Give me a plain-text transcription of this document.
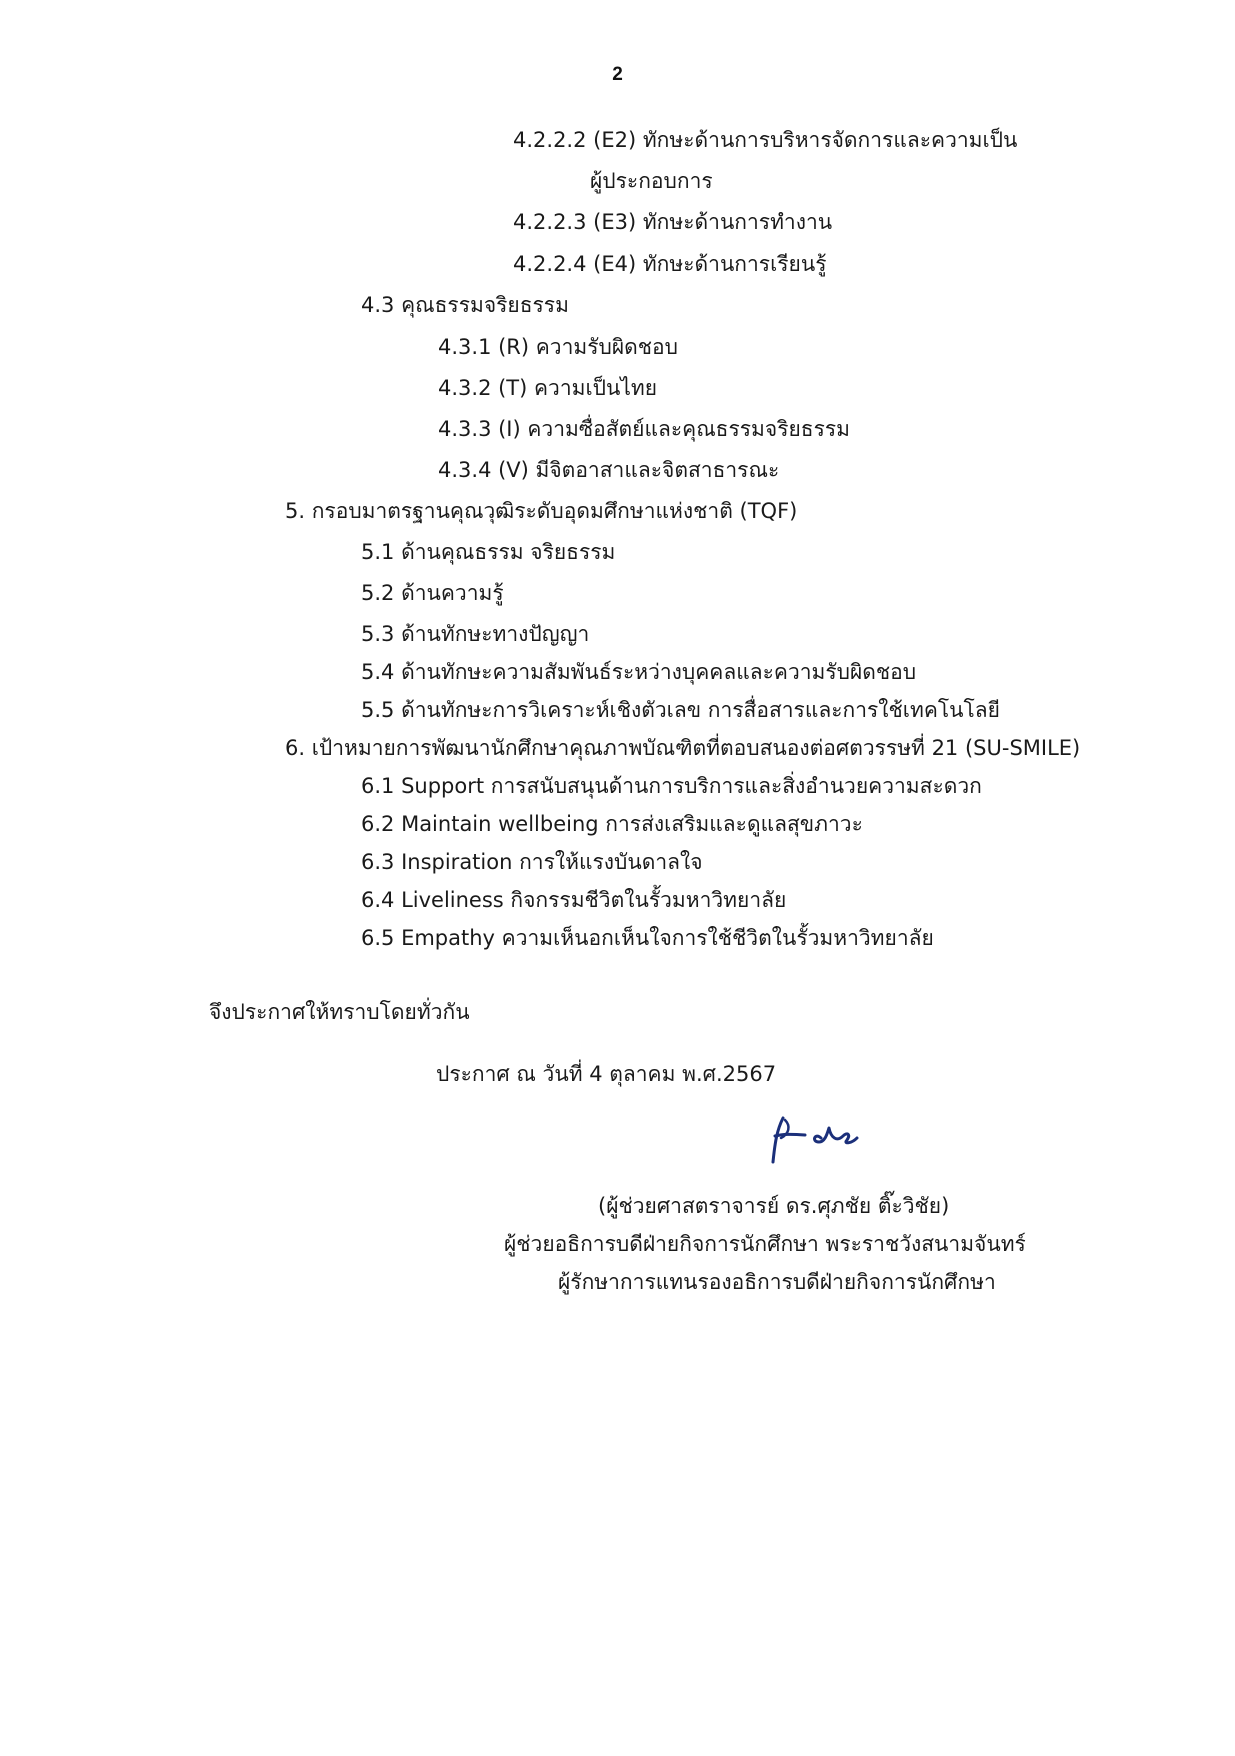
2
4.2.2.2 (E2) ทักษะด้านการบริหารจัดการและความเป็น
ผู้ประกอบการ
4.2.2.3 (E3) ทักษะด้านการทำงาน
4.2.2.4 (E4) ทักษะด้านการเรียนรู้
4.3 คุณธรรมจริยธรรม
4.3.1 (R) ความรับผิดชอบ
4.3.2 (T) ความเป็นไทย
4.3.3 (I) ความซื่อสัตย์และคุณธรรมจริยธรรม
4.3.4 (V) มีจิตอาสาและจิตสาธารณะ
5. กรอบมาตรฐานคุณวุฒิระดับอุดมศึกษาแห่งชาติ (TQF)
5.1 ด้านคุณธรรม จริยธรรม
5.2 ด้านความรู้
5.3 ด้านทักษะทางปัญญา
5.4 ด้านทักษะความสัมพันธ์ระหว่างบุคคลและความรับผิดชอบ
5.5 ด้านทักษะการวิเคราะห์เชิงตัวเลข การสื่อสารและการใช้เทคโนโลยี
6. เป้าหมายการพัฒนานักศึกษาคุณภาพบัณฑิตที่ตอบสนองต่อศตวรรษที่ 21 (SU-SMILE)
6.1 Support การสนับสนุนด้านการบริการและสิ่งอำนวยความสะดวก
6.2 Maintain wellbeing การส่งเสริมและดูแลสุขภาวะ
6.3 Inspiration การให้แรงบันดาลใจ
6.4 Liveliness กิจกรรมชีวิตในรั้วมหาวิทยาลัย
6.5 Empathy ความเห็นอกเห็นใจการใช้ชีวิตในรั้วมหาวิทยาลัย
จึงประกาศให้ทราบโดยทั่วกัน
ประกาศ ณ วันที่ 4 ตุลาคม พ.ศ.2567
(ผู้ช่วยศาสตราจารย์ ดร.ศุภชัย ติ๊ะวิชัย)
ผู้ช่วยอธิการบดีฝ่ายกิจการนักศึกษา พระราชวังสนามจันทร์
ผู้รักษาการแทนรองอธิการบดีฝ่ายกิจการนักศึกษา
